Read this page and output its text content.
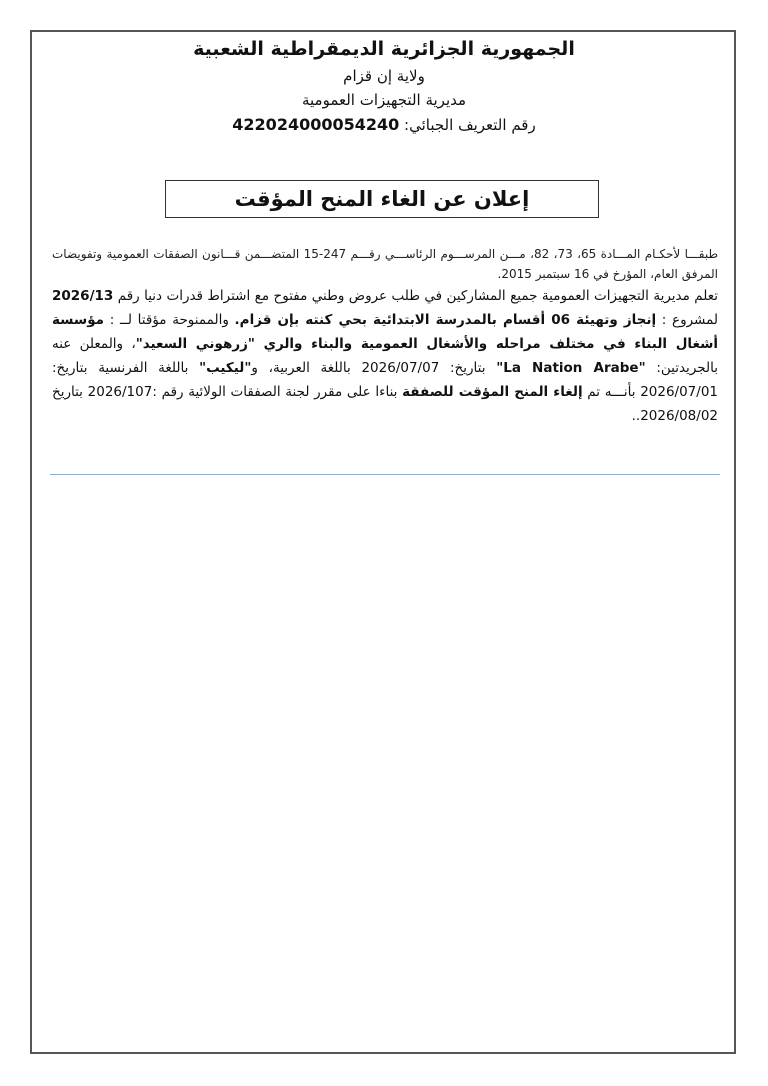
الجمهورية الجزائرية الديمقراطية الشعبية

ولاية إن قزام

مديرية التجهيزات العمومية

رقم التعريف الجبائي: 422024000054240

إعلان عن الغاء المنح المؤقت

طبقـــا لأحكـام المـــادة 65، 73، 82، مـــن المرســـوم الرئاســـي رقـــم 247-15 المتضـــمن قـــانون الصفقات العمومية وتفويضات المرفق العام، المؤرخ في 16 سبتمبر 2015.

تعلم مديرية التجهيزات العمومية جميع المشاركين في طلب عروض وطني مفتوح مع اشتراط قدرات دنيا رقم 2026/13 لمشروع : إنجاز وتهيئة 06 أقسام بالمدرسة الابتدائية بحي كنته بإن قزام. والممنوحة مؤقتا لــ : مؤسسة أشغال البناء في مختلف مراحله والأشغال العمومية والبناء والري "زرهوني السعيد"، والمعلن عنه بالجريدتين: "La Nation Arabe" بتاريخ: 2026/07/07 باللغة العربية، و"ليكيب" باللغة الفرنسية بتاريخ: 2026/07/01 بأنـــه تم إلغاء المنح المؤقت للصفقة بناءا على مقرر لجنة الصفقات الولائية رقم :2026/107 بتاريخ 2026/08/02..
